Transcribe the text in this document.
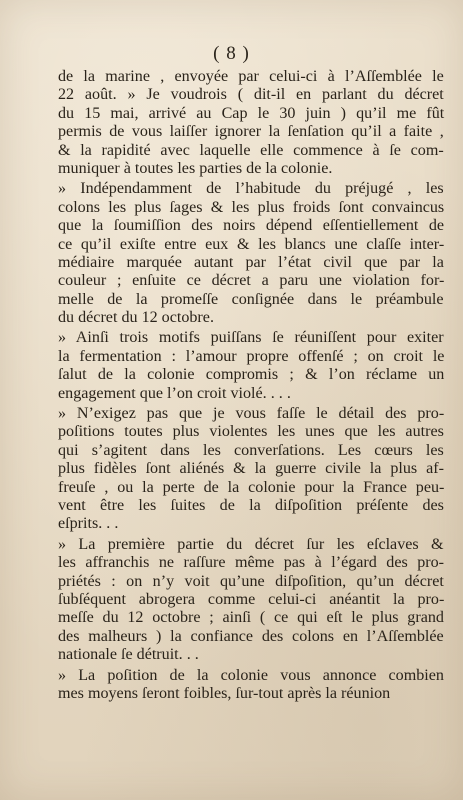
( 8 )
de la marine , envoyée par celui-ci à l’Aſſemblée le
22 août. » Je voudrois ( dit-il en parlant du décret
du 15 mai, arrivé au Cap le 30 juin ) qu’il me fût
permis de vous laiſſer ignorer la ſenſation qu’il a faite ,
& la rapidité avec laquelle elle commence à ſe com-
muniquer à toutes les parties de la colonie.
» Indépendamment de l’habitude du préjugé , les
colons les plus ſages & les plus froids ſont convaincus
que la ſoumiſſion des noirs dépend eſſentiellement de
ce qu’il exiſte entre eux & les blancs une claſſe inter-
médiaire marquée autant par l’état civil que par la
couleur ; enſuite ce décret a paru une violation for-
melle de la promeſſe conſignée dans le préambule
du décret du 12 octobre.
» Ainſi trois motifs puiſſans ſe réuniſſent pour exiter
la fermentation : l’amour propre offenſé ; on croit le
ſalut de la colonie compromis ; & l’on réclame un
engagement que l’on croit violé. . . .
» N’exigez pas que je vous faſſe le détail des pro-
poſitions toutes plus violentes les unes que les autres
qui s’agitent dans les converſations. Les cœurs les
plus fidèles ſont aliénés & la guerre civile la plus af-
freuſe , ou la perte de la colonie pour la France peu-
vent être les ſuites de la diſpoſition préſente des
eſprits. . .
» La première partie du décret ſur les eſclaves &
les affranchis ne raſſure même pas à l’égard des pro-
priétés : on n’y voit qu’une diſpoſition, qu’un décret
ſubſéquent abrogera comme celui-ci anéantit la pro-
meſſe du 12 octobre ; ainſi ( ce qui eſt le plus grand
des malheurs ) la confiance des colons en l’Aſſemblée
nationale ſe détruit. . .
» La poſition de la colonie vous annonce combien
mes moyens ſeront foibles, ſur-tout après la réunion
